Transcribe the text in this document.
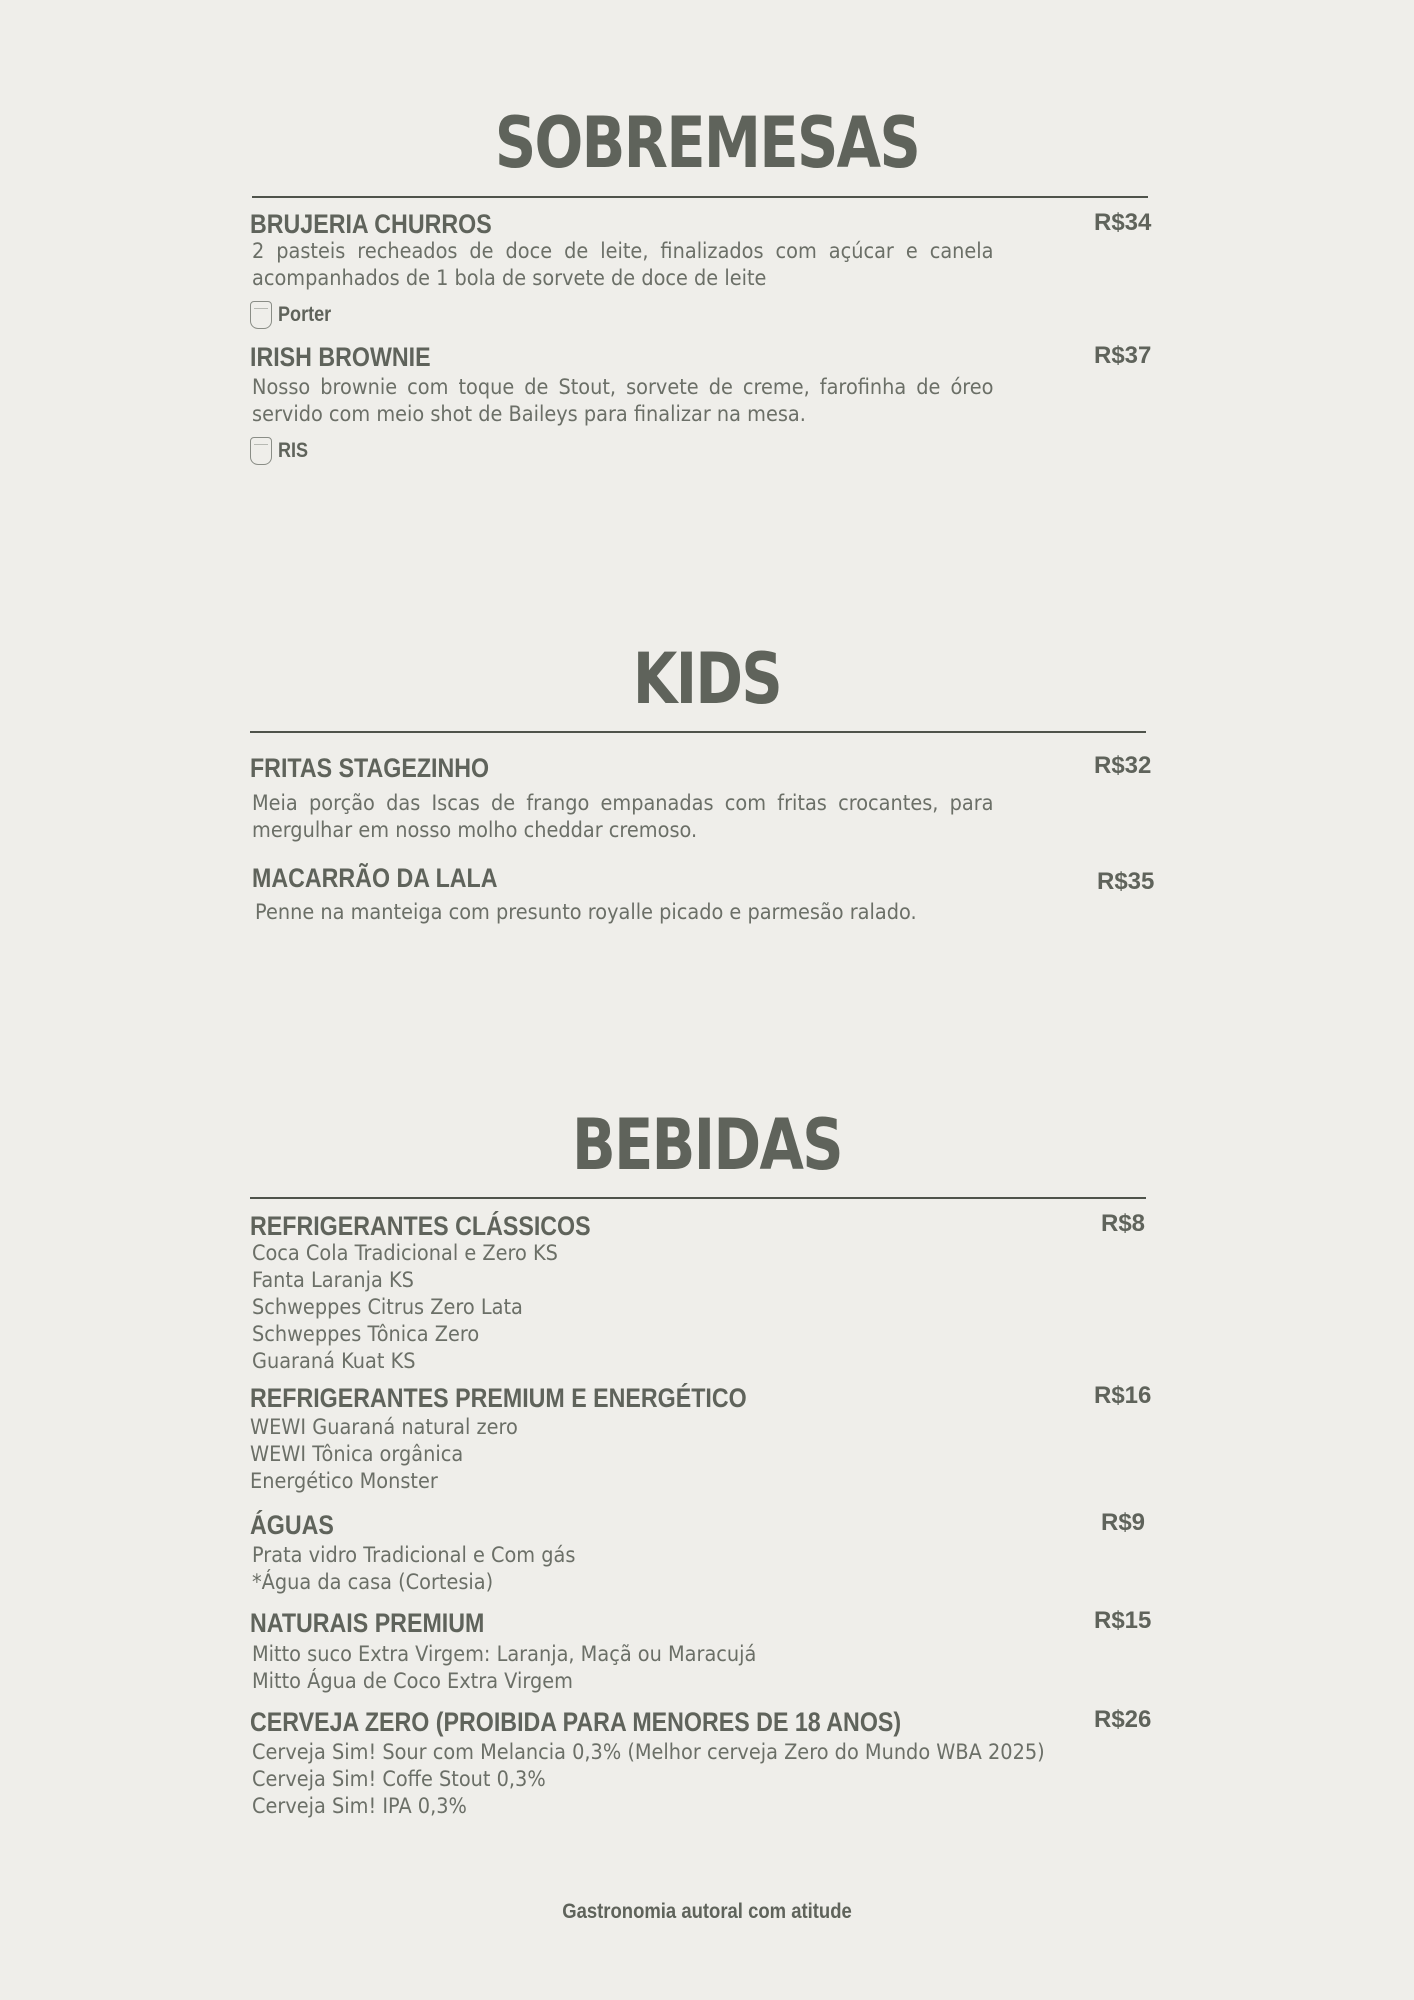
SOBREMESAS
BRUJERIA CHURROS	R$34
2 pasteis recheados de doce de leite, finalizados com açúcar e canela acompanhados de 1 bola de sorvete de doce de leite
Porter
IRISH BROWNIE	R$37
Nosso brownie com toque de Stout, sorvete de creme, farofinha de óreo servido com meio shot de Baileys para finalizar na mesa.
RIS
KIDS
FRITAS STAGEZINHO	R$32
Meia porção das Iscas de frango empanadas com fritas crocantes, para mergulhar em nosso molho cheddar cremoso.
MACARRÃO DA LALA	R$35
Penne na manteiga com presunto royalle picado e parmesão ralado.
BEBIDAS
REFRIGERANTES CLÁSSICOS	R$8
Coca Cola Tradicional e Zero KS
Fanta Laranja KS
Schweppes Citrus Zero Lata
Schweppes Tônica Zero
Guaraná Kuat KS
REFRIGERANTES PREMIUM E ENERGÉTICO	R$16
WEWI Guaraná natural zero
WEWI Tônica orgânica
Energético Monster
ÁGUAS	R$9
Prata vidro Tradicional e Com gás
*Água da casa (Cortesia)
NATURAIS PREMIUM	R$15
Mitto suco Extra Virgem: Laranja, Maçã ou Maracujá
Mitto Água de Coco Extra Virgem
CERVEJA ZERO (PROIBIDA PARA MENORES DE 18 ANOS)	R$26
Cerveja Sim! Sour com Melancia 0,3% (Melhor cerveja Zero do Mundo WBA 2025)
Cerveja Sim! Coffe Stout 0,3%
Cerveja Sim! IPA 0,3%
Gastronomia autoral com atitude
